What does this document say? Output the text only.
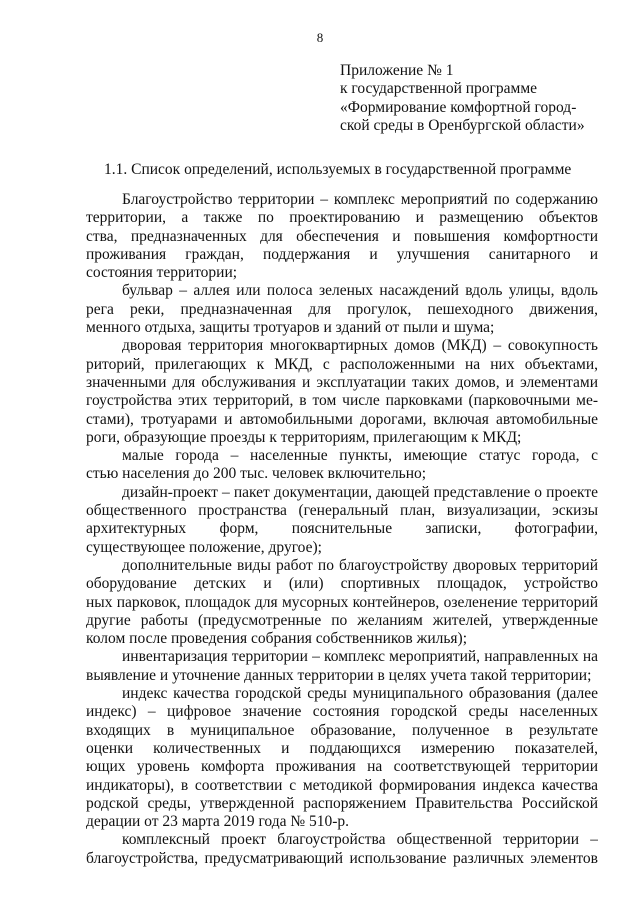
8
Приложение № 1
к государственной программе
«Формирование комфортной город-
ской среды в Оренбургской области»
1.1. Список определений, используемых в государственной программе
Благоустройство территории – комплекс мероприятий по содержанию
территории, а также по проектированию и размещению объектов
ства, предназначенных для обеспечения и повышения комфортности
проживания граждан, поддержания и улучшения санитарного и
состояния территории;
бульвар – аллея или полоса зеленых насаждений вдоль улицы, вдоль
рега реки, предназначенная для прогулок, пешеходного движения,
менного отдыха, защиты тротуаров и зданий от пыли и шума;
дворовая территория многоквартирных домов (МКД) – совокупность
риторий, прилегающих к МКД, с расположенными на них объектами,
значенными для обслуживания и эксплуатации таких домов, и элементами
гоустройства этих территорий, в том числе парковками (парковочными ме-
стами), тротуарами и автомобильными дорогами, включая автомобильные
роги, образующие проезды к территориям, прилегающим к МКД;
малые города – населенные пункты, имеющие статус города, с
стью населения до 200 тыс. человек включительно;
дизайн-проект – пакет документации, дающей представление о проекте
общественного пространства (генеральный план, визуализации, эскизы
архитектурных форм, пояснительные записки, фотографии,
существующее положение, другое);
дополнительные виды работ по благоустройству дворовых территорий
оборудование детских и (или) спортивных площадок, устройство
ных парковок, площадок для мусорных контейнеров, озеленение территорий
другие работы (предусмотренные по желаниям жителей, утвержденные
колом после проведения собрания собственников жилья);
инвентаризация территории – комплекс мероприятий, направленных на
выявление и уточнение данных территории в целях учета такой территории;
индекс качества городской среды муниципального образования (далее
индекс) – цифровое значение состояния городской среды населенных
входящих в муниципальное образование, полученное в результате
оценки количественных и поддающихся измерению показателей,
ющих уровень комфорта проживания на соответствующей территории
индикаторы), в соответствии с методикой формирования индекса качества
родской среды, утвержденной распоряжением Правительства Российской
дерации от 23 марта 2019 года № 510-р.
комплексный проект благоустройства общественной территории –
благоустройства, предусматривающий использование различных элементов
